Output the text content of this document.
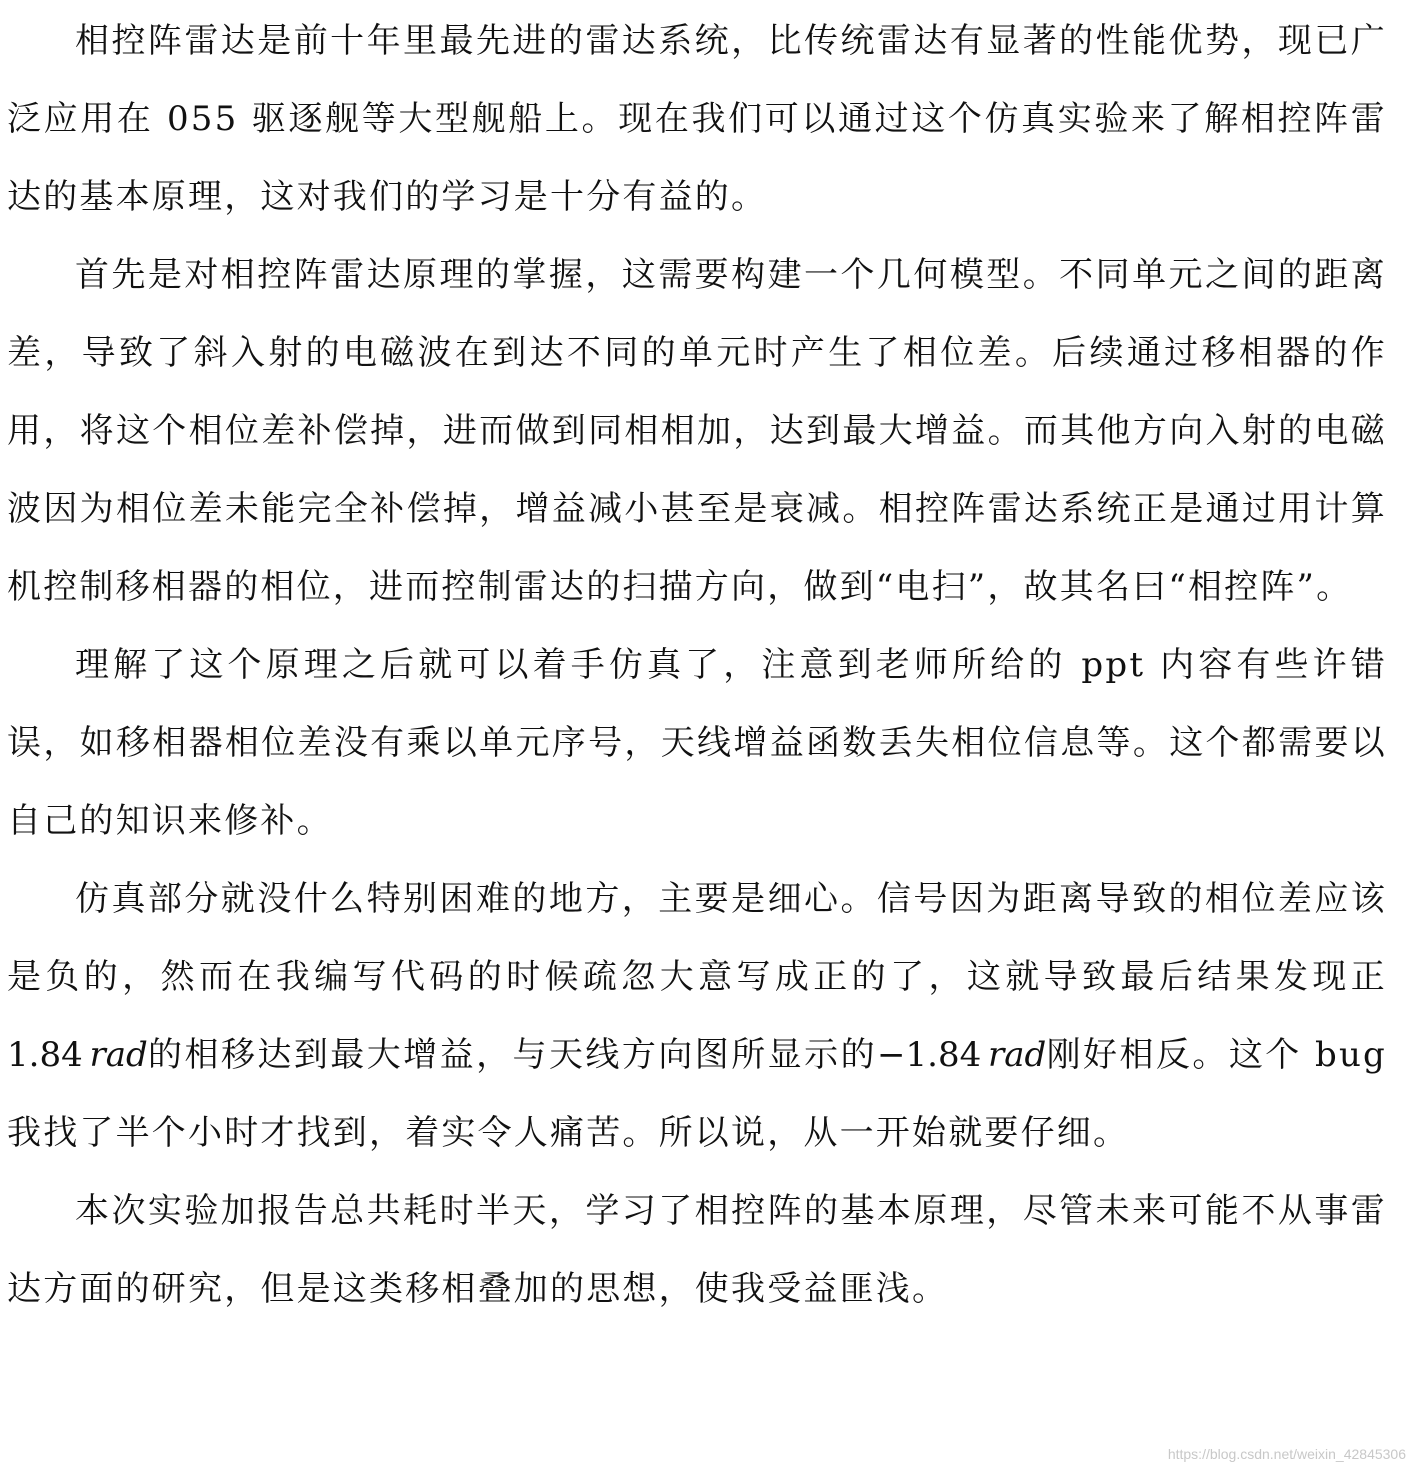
相控阵雷达是前十年里最先进的雷达系统，比传统雷达有显著的性能优势，现已广泛应用在 055 驱逐舰等大型舰船上。现在我们可以通过这个仿真实验来了解相控阵雷达的基本原理，这对我们的学习是十分有益的。

首先是对相控阵雷达原理的掌握，这需要构建一个几何模型。不同单元之间的距离差，导致了斜入射的电磁波在到达不同的单元时产生了相位差。后续通过移相器的作用，将这个相位差补偿掉，进而做到同相相加，达到最大增益。而其他方向入射的电磁波因为相位差未能完全补偿掉，增益减小甚至是衰减。相控阵雷达系统正是通过用计算机控制移相器的相位，进而控制雷达的扫描方向，做到“电扫”，故其名曰“相控阵”。

理解了这个原理之后就可以着手仿真了，注意到老师所给的 ppt 内容有些许错误，如移相器相位差没有乘以单元序号，天线增益函数丢失相位信息等。这个都需要以自己的知识来修补。

仿真部分就没什么特别困难的地方，主要是细心。信号因为距离导致的相位差应该是负的，然而在我编写代码的时候疏忽大意写成正的了，这就导致最后结果发现正1.84  rad的相移达到最大增益，与天线方向图所显示的−1.84  rad刚好相反。这个 bug 我找了半个小时才找到，着实令人痛苦。所以说，从一开始就要仔细。

本次实验加报告总共耗时半天，学习了相控阵的基本原理，尽管未来可能不从事雷达方面的研究，但是这类移相叠加的思想，使我受益匪浅。

https://blog.csdn.net/weixin_42845306
